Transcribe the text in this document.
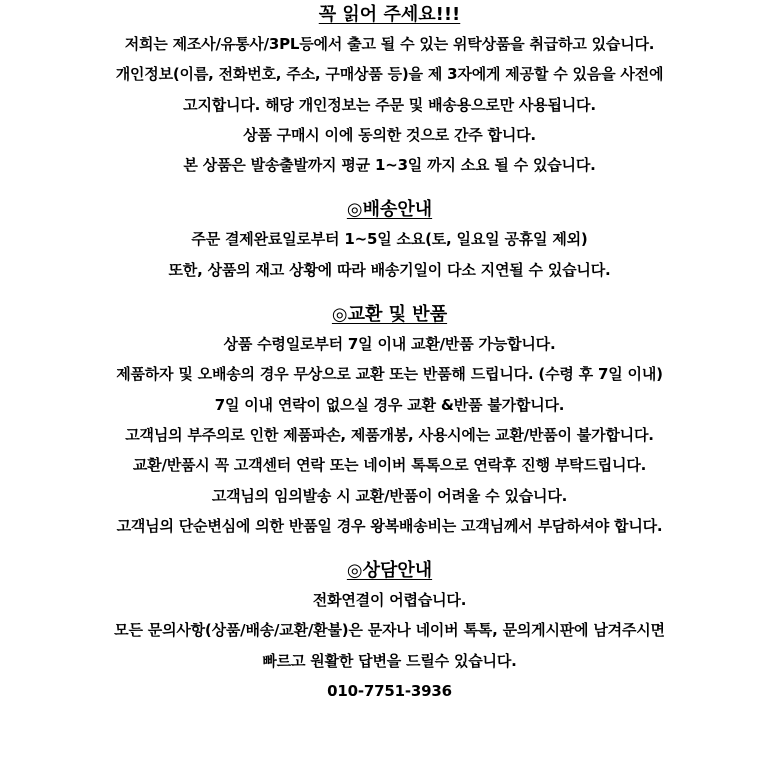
꼭 읽어 주세요!!!
저희는 제조사/유통사/3PL등에서 출고 될 수 있는 위탁상품을 취급하고 있습니다.
개인정보(이름, 전화번호, 주소, 구매상품 등)을 제 3자에게 제공할 수 있음을 사전에
고지합니다. 해당 개인정보는 주문 및 배송용으로만 사용됩니다.
상품 구매시 이에 동의한 것으로 간주 합니다.
본 상품은 발송출발까지 평균 1~3일 까지 소요 될 수 있습니다.
◎배송안내
주문 결제완료일로부터 1~5일 소요(토, 일요일 공휴일 제외)
또한, 상품의 재고 상황에 따라 배송기일이 다소 지연될 수 있습니다.
◎교환 및 반품
상품 수령일로부터 7일 이내 교환/반품 가능합니다.
제품하자 및 오배송의 경우 무상으로 교환 또는 반품해 드립니다. (수령 후 7일 이내)
7일 이내 연락이 없으실 경우 교환 &반품 불가합니다.
고객님의 부주의로 인한 제품파손, 제품개봉, 사용시에는 교환/반품이 불가합니다.
교환/반품시 꼭 고객센터 연락 또는 네이버 톡톡으로 연락후 진행 부탁드립니다.
고객님의 임의발송 시 교환/반품이 어려울 수 있습니다.
고객님의 단순변심에 의한 반품일 경우 왕복배송비는 고객님께서 부담하셔야 합니다.
◎상담안내
전화연결이 어렵습니다.
모든 문의사항(상품/배송/교환/환불)은 문자나 네이버 톡톡, 문의게시판에 남겨주시면
빠르고 원활한 답변을 드릴수 있습니다.
010-7751-3936
